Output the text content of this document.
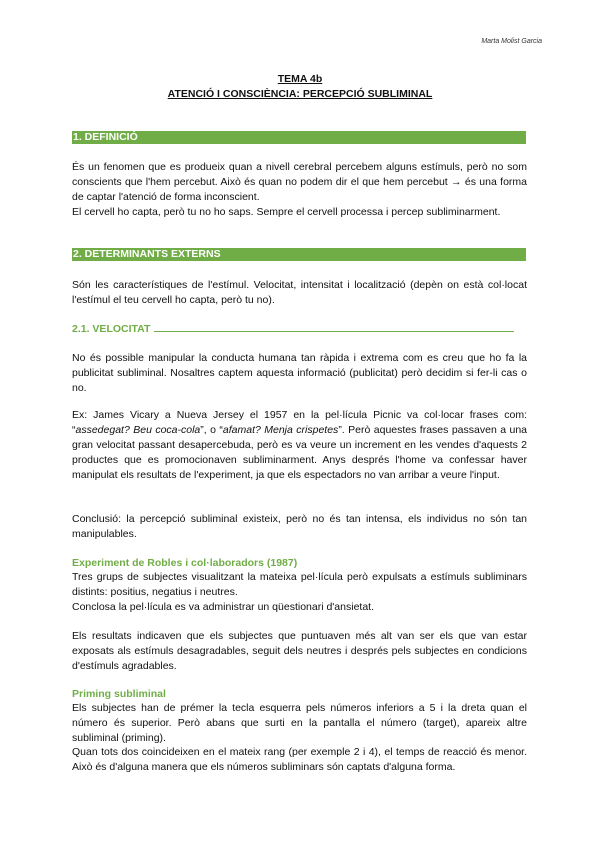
Marta Molist Garcia
TEMA 4b
ATENCIÓ I CONSCIÈNCIA: PERCEPCIÓ SUBLIMINAL
1. DEFINICIÓ
És un fenomen que es produeix quan a nivell cerebral percebem alguns estímuls, però no som conscients que l'hem percebut. Això és quan no podem dir el que hem percebut → és una forma de captar l'atenció de forma inconscient.
El cervell ho capta, però tu no ho saps. Sempre el cervell processa i percep subliminarment.
2. DETERMINANTS EXTERNS
Són les característiques de l'estímul. Velocitat, intensitat i localització (depèn on està col·locat l'estímul el teu cervell ho capta, però tu no).
2.1. VELOCITAT
No és possible manipular la conducta humana tan ràpida i extrema com es creu que ho fa la publicitat subliminal. Nosaltres captem aquesta informació (publicitat) però decidim si fer-li cas o no.
Ex: James Vicary a Nueva Jersey el 1957 en la pel·lícula Picnic va col·locar frases com: “assedegat? Beu coca-cola”, o “afamat? Menja crispetes”. Però aquestes frases passaven a una gran velocitat passant desapercebuda, però es va veure un increment en les vendes d'aquests 2 productes que es promocionaven subliminarment. Anys després l'home va confessar haver manipulat els resultats de l'experiment, ja que els espectadors no van arribar a veure l'input.
Conclusió: la percepció subliminal existeix, però no és tan intensa, els individus no són tan manipulables.
Experiment de Robles i col·laboradors (1987)
Tres grups de subjectes visualitzant la mateixa pel·lícula però expulsats a estímuls subliminars distints: positius, negatius i neutres.
Conclosa la pel·lícula es va administrar un qüestionari d'ansietat.
Els resultats indicaven que els subjectes que puntuaven més alt van ser els que van estar exposats als estímuls desagradables, seguit dels neutres i després pels subjectes en condicions d'estímuls agradables.
Priming subliminal
Els subjectes han de prémer la tecla esquerra pels números inferiors a 5 i la dreta quan el número és superior. Però abans que surti en la pantalla el número (target), apareix altre subliminal (priming).
Quan tots dos coincideixen en el mateix rang (per exemple 2 i 4), el temps de reacció és menor. Això és d'alguna manera que els números subliminars són captats d'alguna forma.
